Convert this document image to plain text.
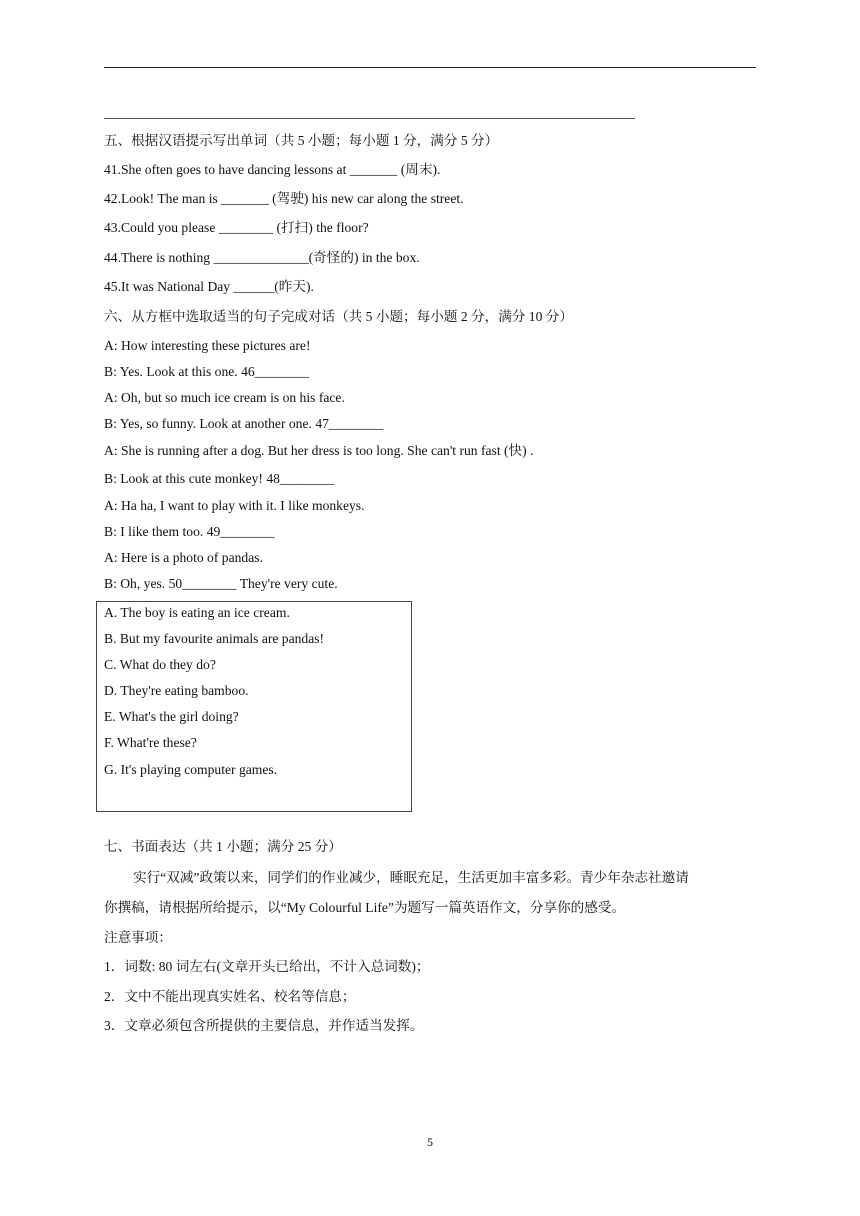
五、根据汉语提示写出单词（共 5 小题；每小题 1 分，满分 5 分）
41.She often goes to have dancing lessons at _______ (周末).
42.Look! The man is _______ (驾驶) his new car along the street.
43.Could you please ________ (打扫) the floor?
44.There is nothing ______________(奇怪的) in the box.
45.It was National Day ______(昨天).
六、从方框中选取适当的句子完成对话（共 5 小题；每小题 2 分，满分 10 分）
A: How interesting these pictures are!
B: Yes. Look at this one. 46________
A: Oh, but so much ice cream is on his face.
B: Yes, so funny. Look at another one. 47________
A: She is running after a dog. But her dress is too long. She can't run fast (快) .
B: Look at this cute monkey! 48________
A: Ha ha, I want to play with it. I like monkeys.
B: I like them too. 49________
A: Here is a photo of pandas.
B: Oh, yes. 50________ They're very cute.
A. The boy is eating an ice cream.
B. But my favourite animals are pandas!
C. What do they do?
D. They're eating bamboo.
E. What's the girl doing?
F. What're these?
G. It's playing computer games.
七、书面表达（共 1 小题；满分 25 分）
实行“双减”政策以来，同学们的作业减少，睡眠充足，生活更加丰富多彩。青少年杂志社邀请
你撰稿，请根据所给提示，以“My Colourful Life”为题写一篇英语作文，分享你的感受。
注意事项：
1．词数: 80 词左右(文章开头已给出，不计入总词数)；
2．文中不能出现真实姓名、校名等信息；
3．文章必须包含所提供的主要信息，并作适当发挥。
5
